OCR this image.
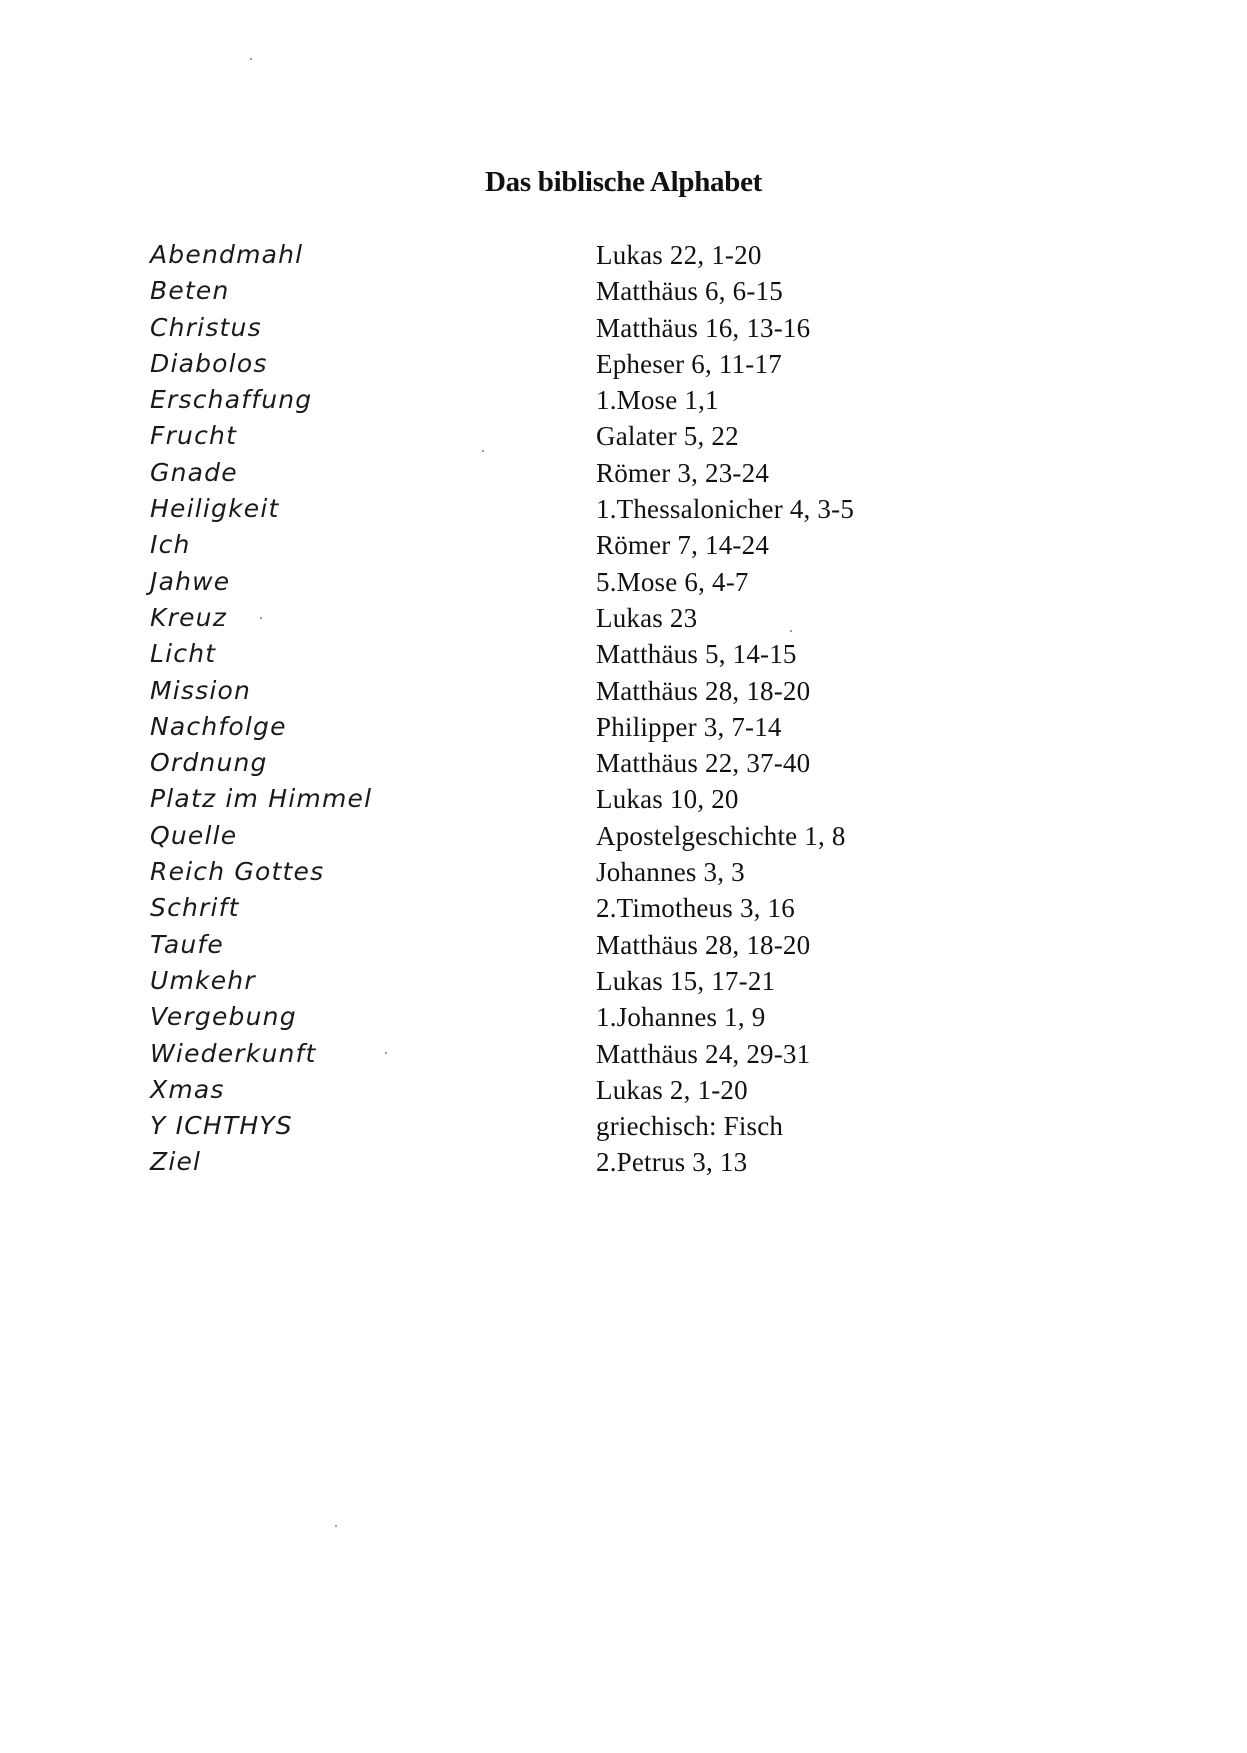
Das biblische Alphabet
Abendmahl	Lukas 22, 1-20
Beten	Matthäus 6, 6-15
Christus	Matthäus 16, 13-16
Diabolos	Epheser 6, 11-17
Erschaffung	1.Mose 1,1
Frucht	Galater 5, 22
Gnade	Römer 3, 23-24
Heiligkeit	1.Thessalonicher 4, 3-5
Ich	Römer 7, 14-24
Jahwe	5.Mose 6, 4-7
Kreuz	Lukas 23
Licht	Matthäus 5, 14-15
Mission	Matthäus 28, 18-20
Nachfolge	Philipper 3, 7-14
Ordnung	Matthäus 22, 37-40
Platz im Himmel	Lukas 10, 20
Quelle	Apostelgeschichte 1, 8
Reich Gottes	Johannes 3, 3
Schrift	2.Timotheus 3, 16
Taufe	Matthäus 28, 18-20
Umkehr	Lukas 15, 17-21
Vergebung	1.Johannes 1, 9
Wiederkunft	Matthäus 24, 29-31
Xmas	Lukas 2, 1-20
Y ICHTHYS	griechisch: Fisch
Ziel	2.Petrus 3, 13
